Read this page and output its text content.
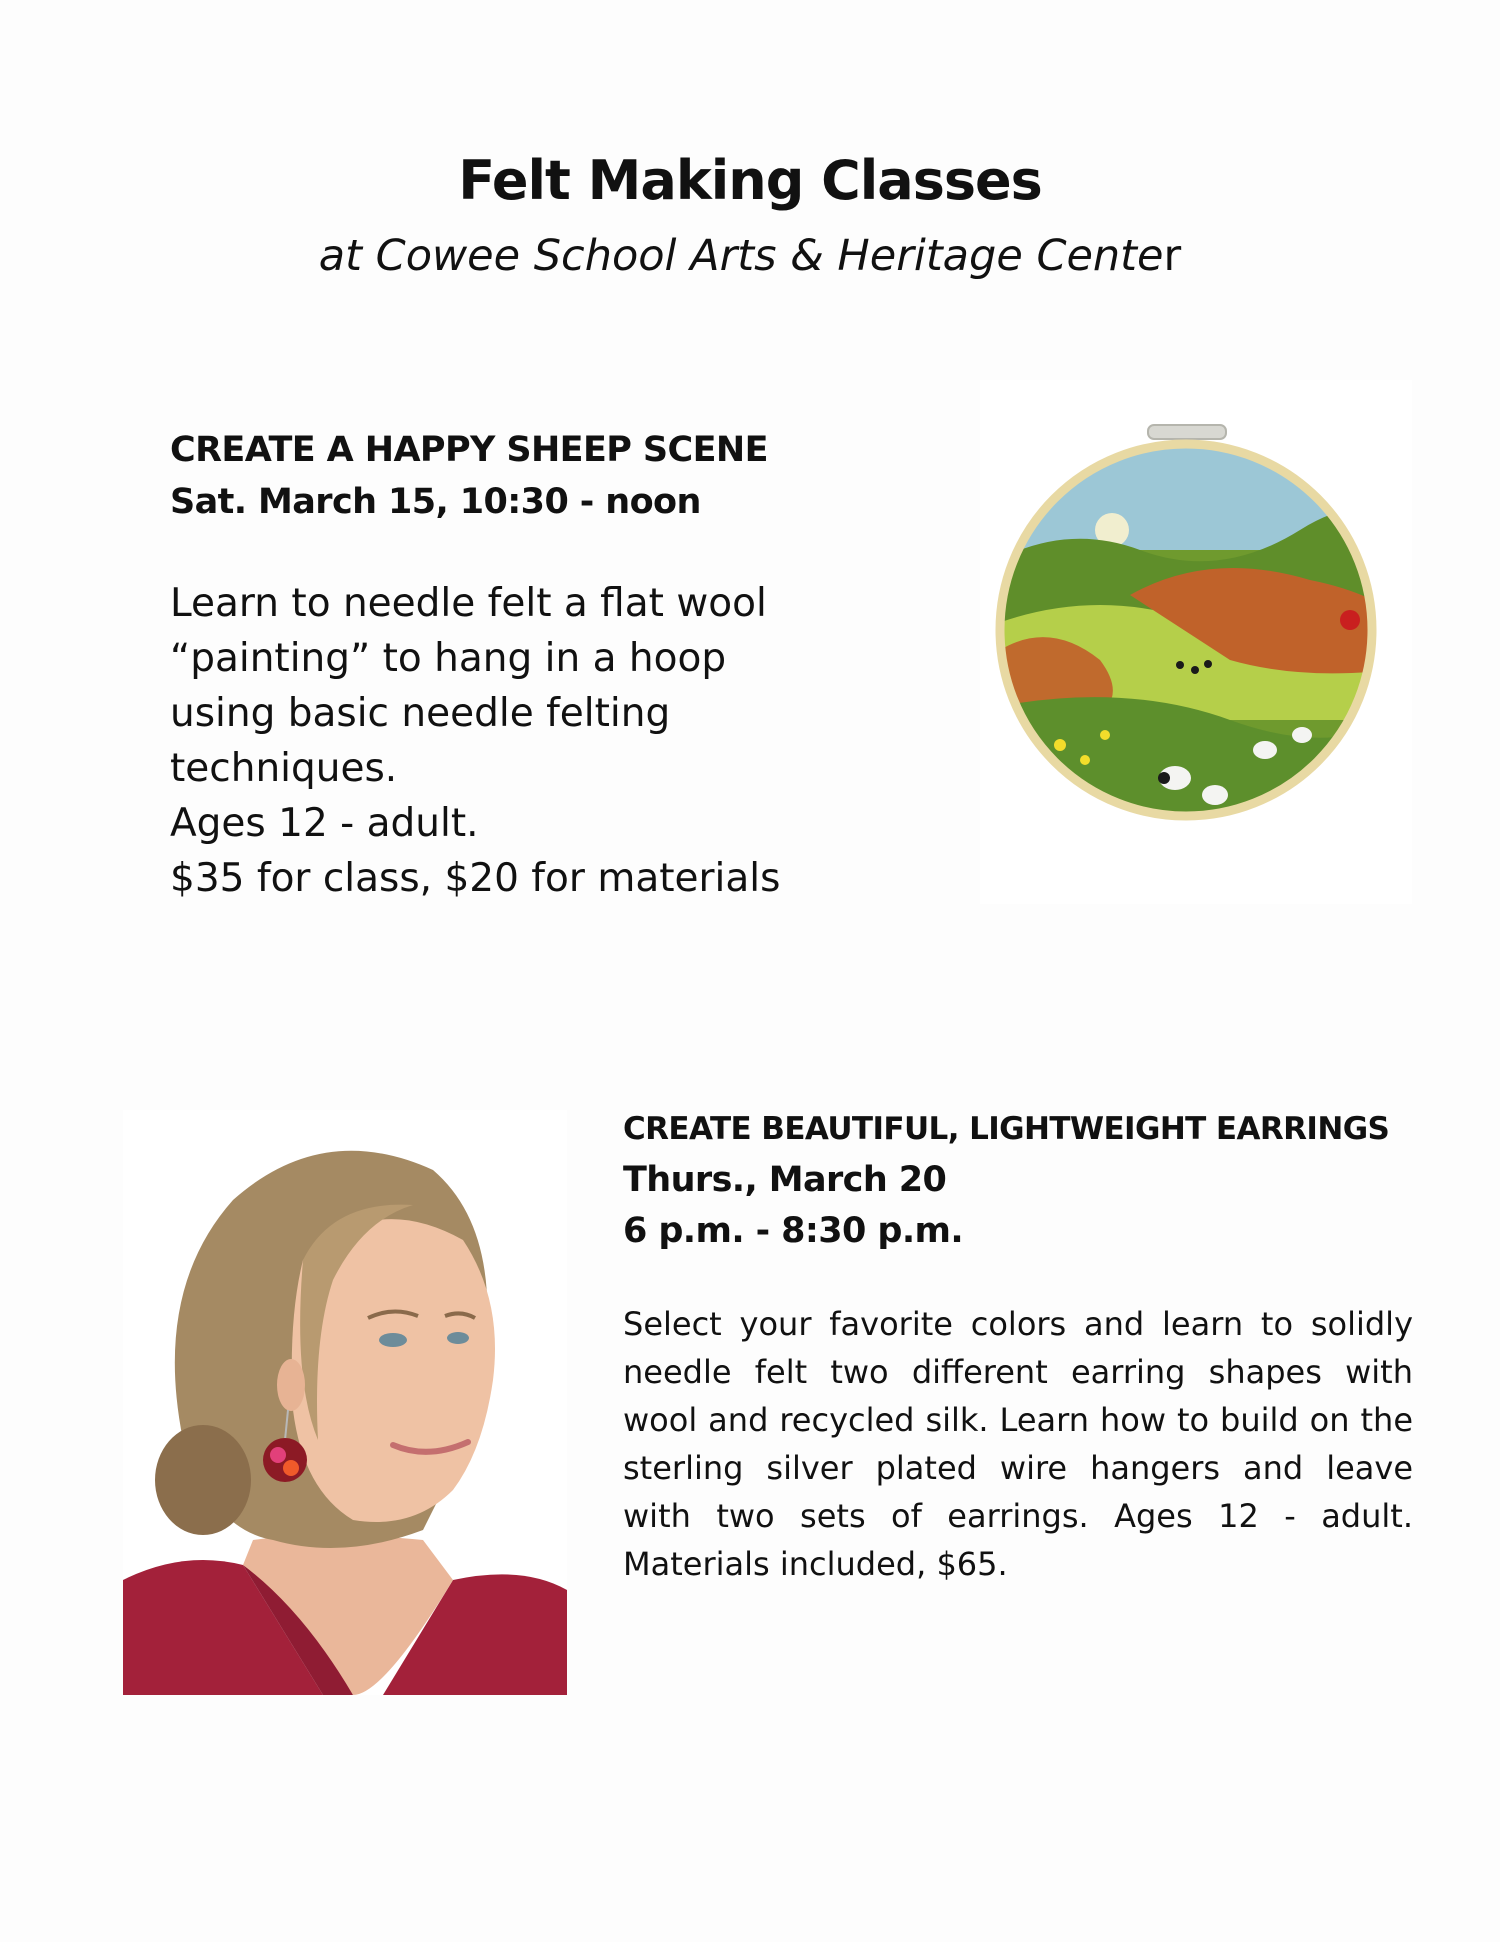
Felt Making Classes

at Cowee School Arts & Heritage Center

CREATE A HAPPY SHEEP SCENE
Sat. March 15, 10:30 - noon
Learn to needle felt a flat wool
“painting” to hang in a hoop
using basic needle felting
techniques.
Ages 12 - adult.
$35 for class, $20 for materials
CREATE BEAUTIFUL, LIGHTWEIGHT EARRINGS
Thurs., March 20
6 p.m. - 8:30 p.m.
Select your favorite colors and learn to solidly needle felt two different earring shapes with wool and recycled silk. Learn how to build on the sterling silver plated wire hangers and leave with two sets of earrings. Ages 12 - adult. Materials included, $65.
